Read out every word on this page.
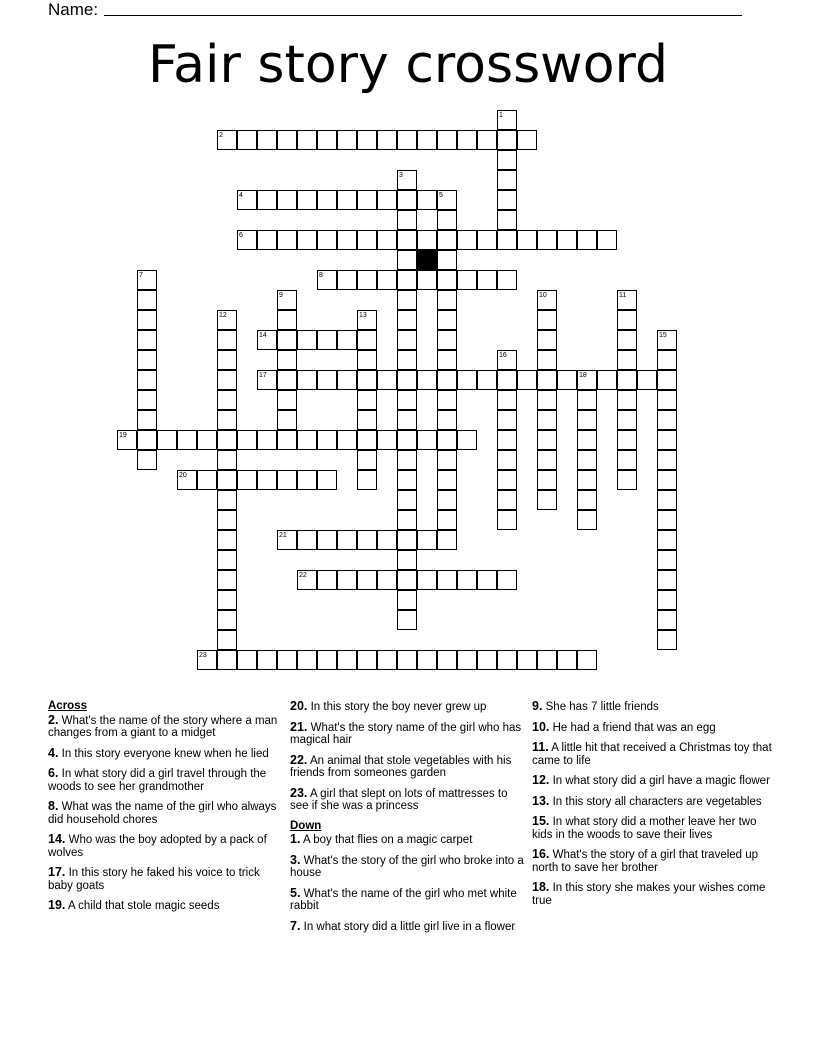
Name:
Fair story crossword
1
2
3
4	5
6
7	8
9	10	11
12	13
14	15
16
17	18
19
20
21
22
23
Across
2. What's the name of the story where a man changes from a giant to a midget
4. In this story everyone knew when he lied
6. In what story did a girl travel through the woods to see her grandmother
8. What was the name of the girl who always did household chores
14. Who was the boy adopted by a pack of wolves
17. In this story he faked his voice to trick baby goats
19. A child that stole magic seeds
20. In this story the boy never grew up
21. What's the story name of the girl who has magical hair
22. An animal that stole vegetables with his friends from someones garden
23. A girl that slept on lots of mattresses to see if she was a princess
Down
1. A boy that flies on a magic carpet
3. What's the story of the girl who broke into a house
5. What's the name of the girl who met white rabbit
7. In what story did a little girl live in a flower
9. She has 7 little friends
10. He had a friend that was an egg
11. A little hit that received a Christmas toy that came to life
12. In what story did a girl have a magic flower
13. In this story all characters are vegetables
15. In what story did a mother leave her two kids in the woods to save their lives
16. What's the story of a girl that traveled up north to save her brother
18. In this story she makes your wishes come true
